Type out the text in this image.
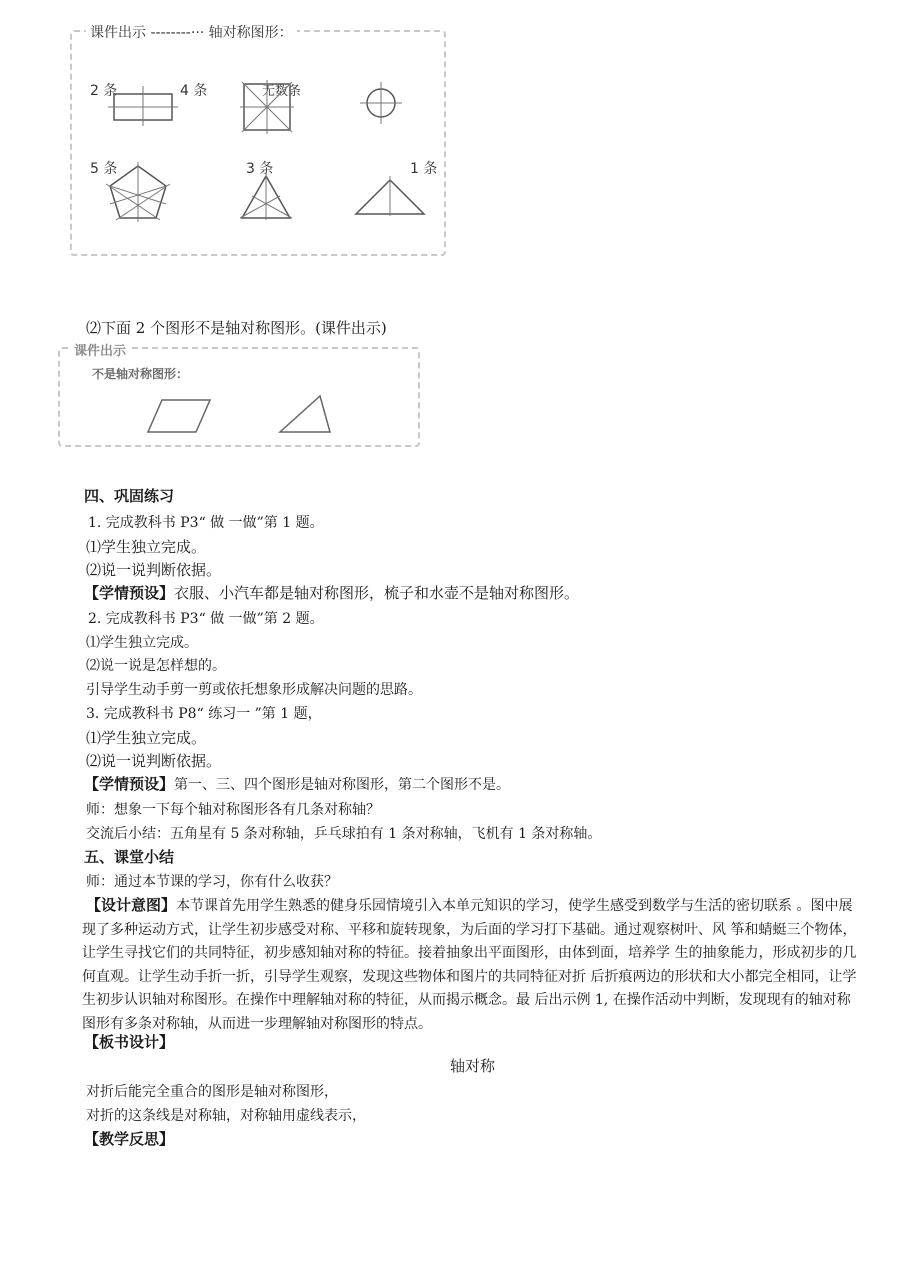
课件出示 --------··· 轴对称图形：
2 条	4 条	无数条
5 条	3 条	1 条
⑵下面 2 个图形不是轴对称图形。(课件出示)
课件出示
不是轴对称图形：
四、巩固练习
1. 完成教科书 P3“ 做 一做”第 1 题。
⑴学生独立完成。
⑵说一说判断依据。
【学情预设】衣服、小汽车都是轴对称图形，梳子和水壶不是轴对称图形。
2. 完成教科书 P3“ 做 一做”第 2 题。
⑴学生独立完成。
⑵说一说是怎样想的。
引导学生动手剪一剪或依托想象形成解决问题的思路。
3. 完成教科书 P8“ 练习一 ”第 1 题，
⑴学生独立完成。
⑵说一说判断依据。
【学情预设】第一、三、四个图形是轴对称图形，第二个图形不是。
师：想象一下每个轴对称图形各有几条对称轴？
交流后小结：五角星有 5 条对称轴，乒乓球拍有 1 条对称轴，飞机有 1 条对称轴。
五、课堂小结
师：通过本节课的学习，你有什么收获？
【设计意图】本节课首先用学生熟悉的健身乐园情境引入本单元知识的学习，使学生感受到数学与生活的密切联系 。图中展现了多种运动方式，让学生初步感受对称、平移和旋转现象，为后面的学习打下基础。通过观察树叶、风 筝和蜻蜓三个物体，让学生寻找它们的共同特征，初步感知轴对称的特征。接着抽象出平面图形，由体到面，培养学 生的抽象能力，形成初步的几何直观。让学生动手折一折，引导学生观察，发现这些物体和图片的共同特征对折 后折痕两边的形状和大小都完全相同，让学生初步认识轴对称图形。在操作中理解轴对称的特征，从而揭示概念。最 后出示例 1, 在操作活动中判断，发现现有的轴对称图形有多条对称轴，从而进一步理解轴对称图形的特点。
【板书设计】
轴对称
对折后能完全重合的图形是轴对称图形，
对折的这条线是对称轴，对称轴用虚线表示，
【教学反思】
